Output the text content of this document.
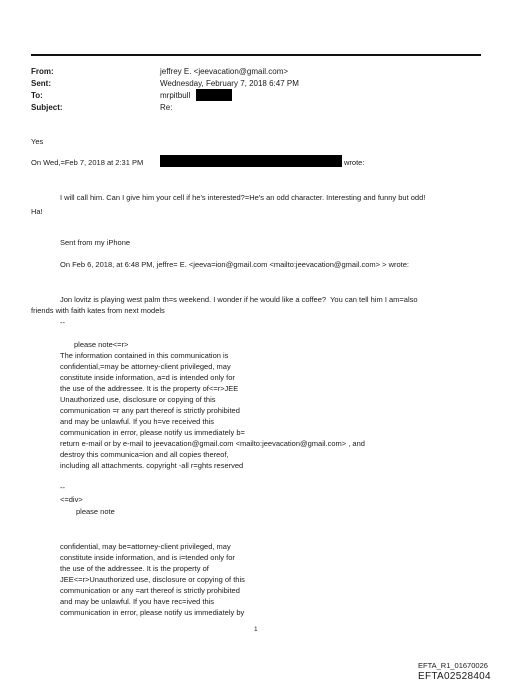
From:	jeffrey E. <jeevacation@gmail.com>
Sent:	Wednesday, February 7, 2018 6:47 PM
To:	mrpitbull
Subject:	Re:
Yes
On Wed,=Feb 7, 2018 at 2:31 PM	wrote:
I will call him. Can I give him your cell if he's interested?=He's an odd character. Interesting and funny but odd!
Ha!
Sent from my iPhone
On Feb 6, 2018, at 6:48 PM, jeffre= E. <jeeva=ion@gmail.com <mailto:jeevacation@gmail.com> > wrote:
Jon lovitz is playing west palm th=s weekend. I wonder if he would like a coffee?  You can tell him I am=also
friends with faith kates from next models
--
please note<=r>
The information contained in this communication is
confidential,=may be attorney-client privileged, may
constitute inside information, a=d is intended only for
the use of the addressee. It is the property of<=r>JEE
Unauthorized use, disclosure or copying of this
communication =r any part thereof is strictly prohibited
and may be unlawful. If you h=ve received this
communication in error, please notify us immediately b=
return e-mail or by e-mail to jeevacation@gmail.com <mailto:jeevacation@gmail.com> , and
destroy this communica=ion and all copies thereof,
including all attachments. copyright -all r=ghts reserved
--
<=div>
please note
confidential, may be=attorney-client privileged, may
constitute inside information, and is i=tended only for
the use of the addressee. It is the property of
JEE<=r>Unauthorized use, disclosure or copying of this
communication or any =art thereof is strictly prohibited
and may be unlawful. If you have rec=ived this
communication in error, please notify us immediately by
1
EFTA_R1_01670026
EFTA02528404
